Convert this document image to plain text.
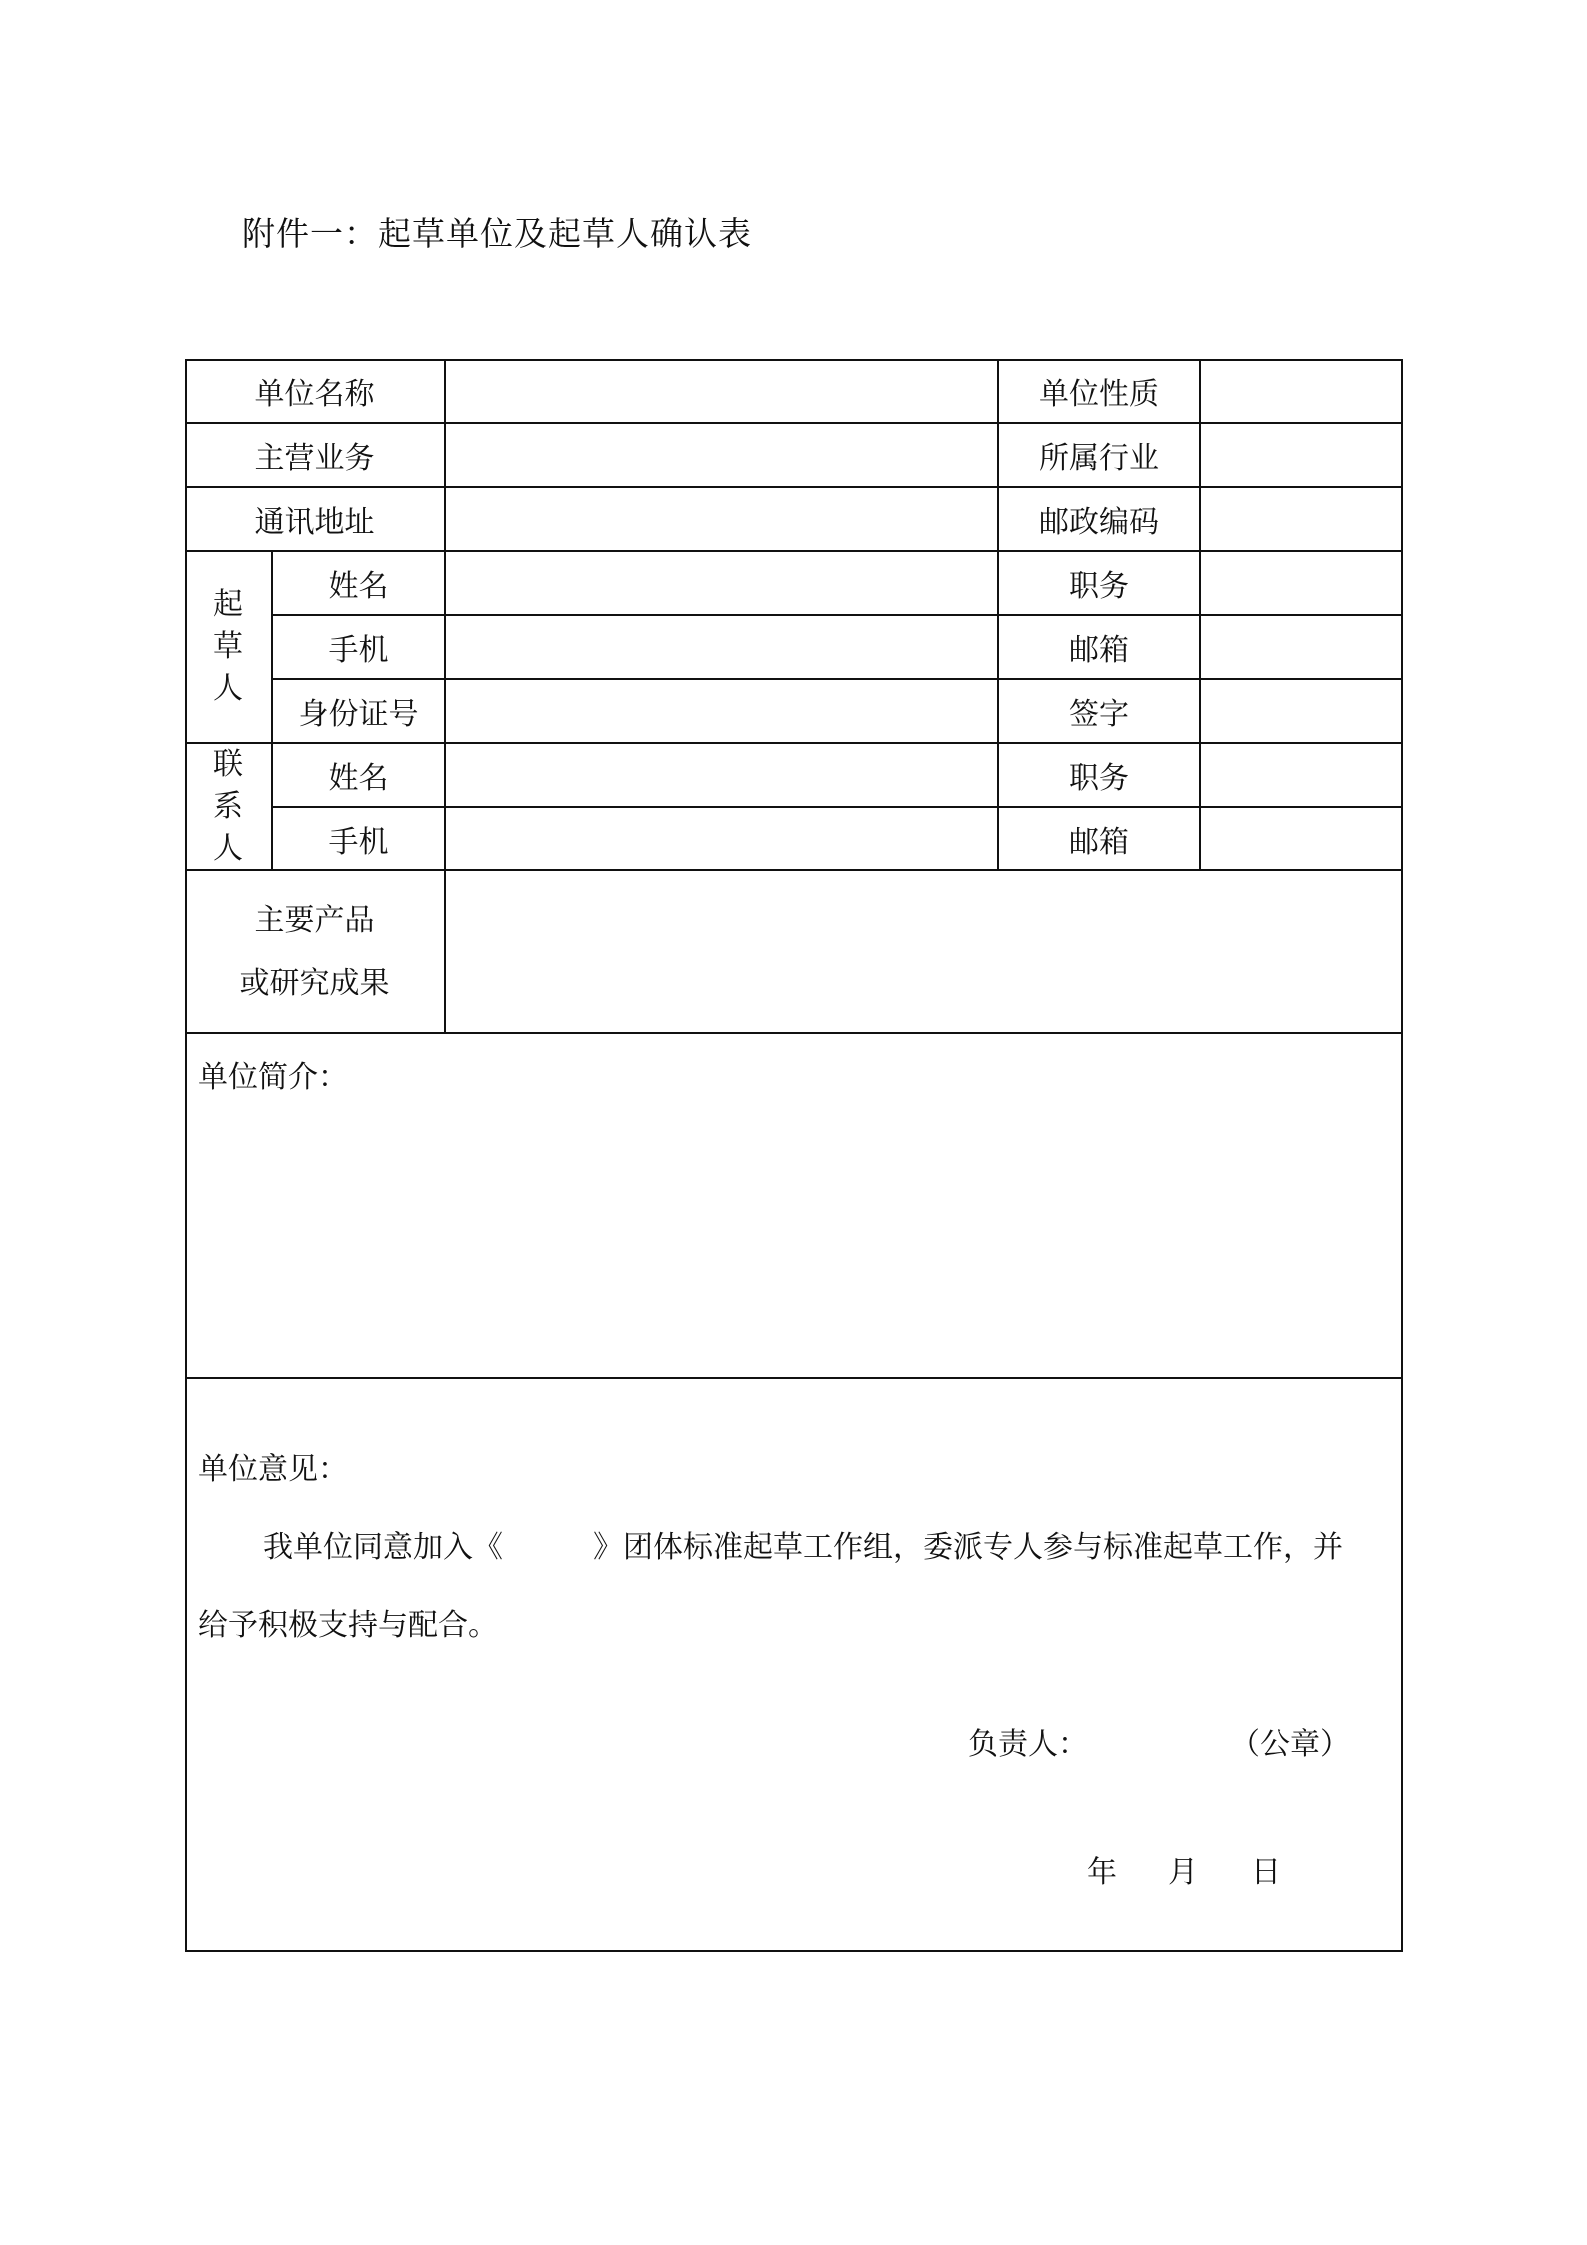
附件一：起草单位及起草人确认表
单位名称	单位性质
主营业务	所属行业
通讯地址	邮政编码
起
草
人
姓名	职务
手机	邮箱
身份证号	签字
联
系
人
姓名	职务
手机	邮箱
主要产品
或研究成果
单位简介：
单位意见：
我单位同意加入《　　　》团体标准起草工作组，委派专人参与标准起草工作，并
给予积极支持与配合。
负责人：	（公章）
年 月 日
